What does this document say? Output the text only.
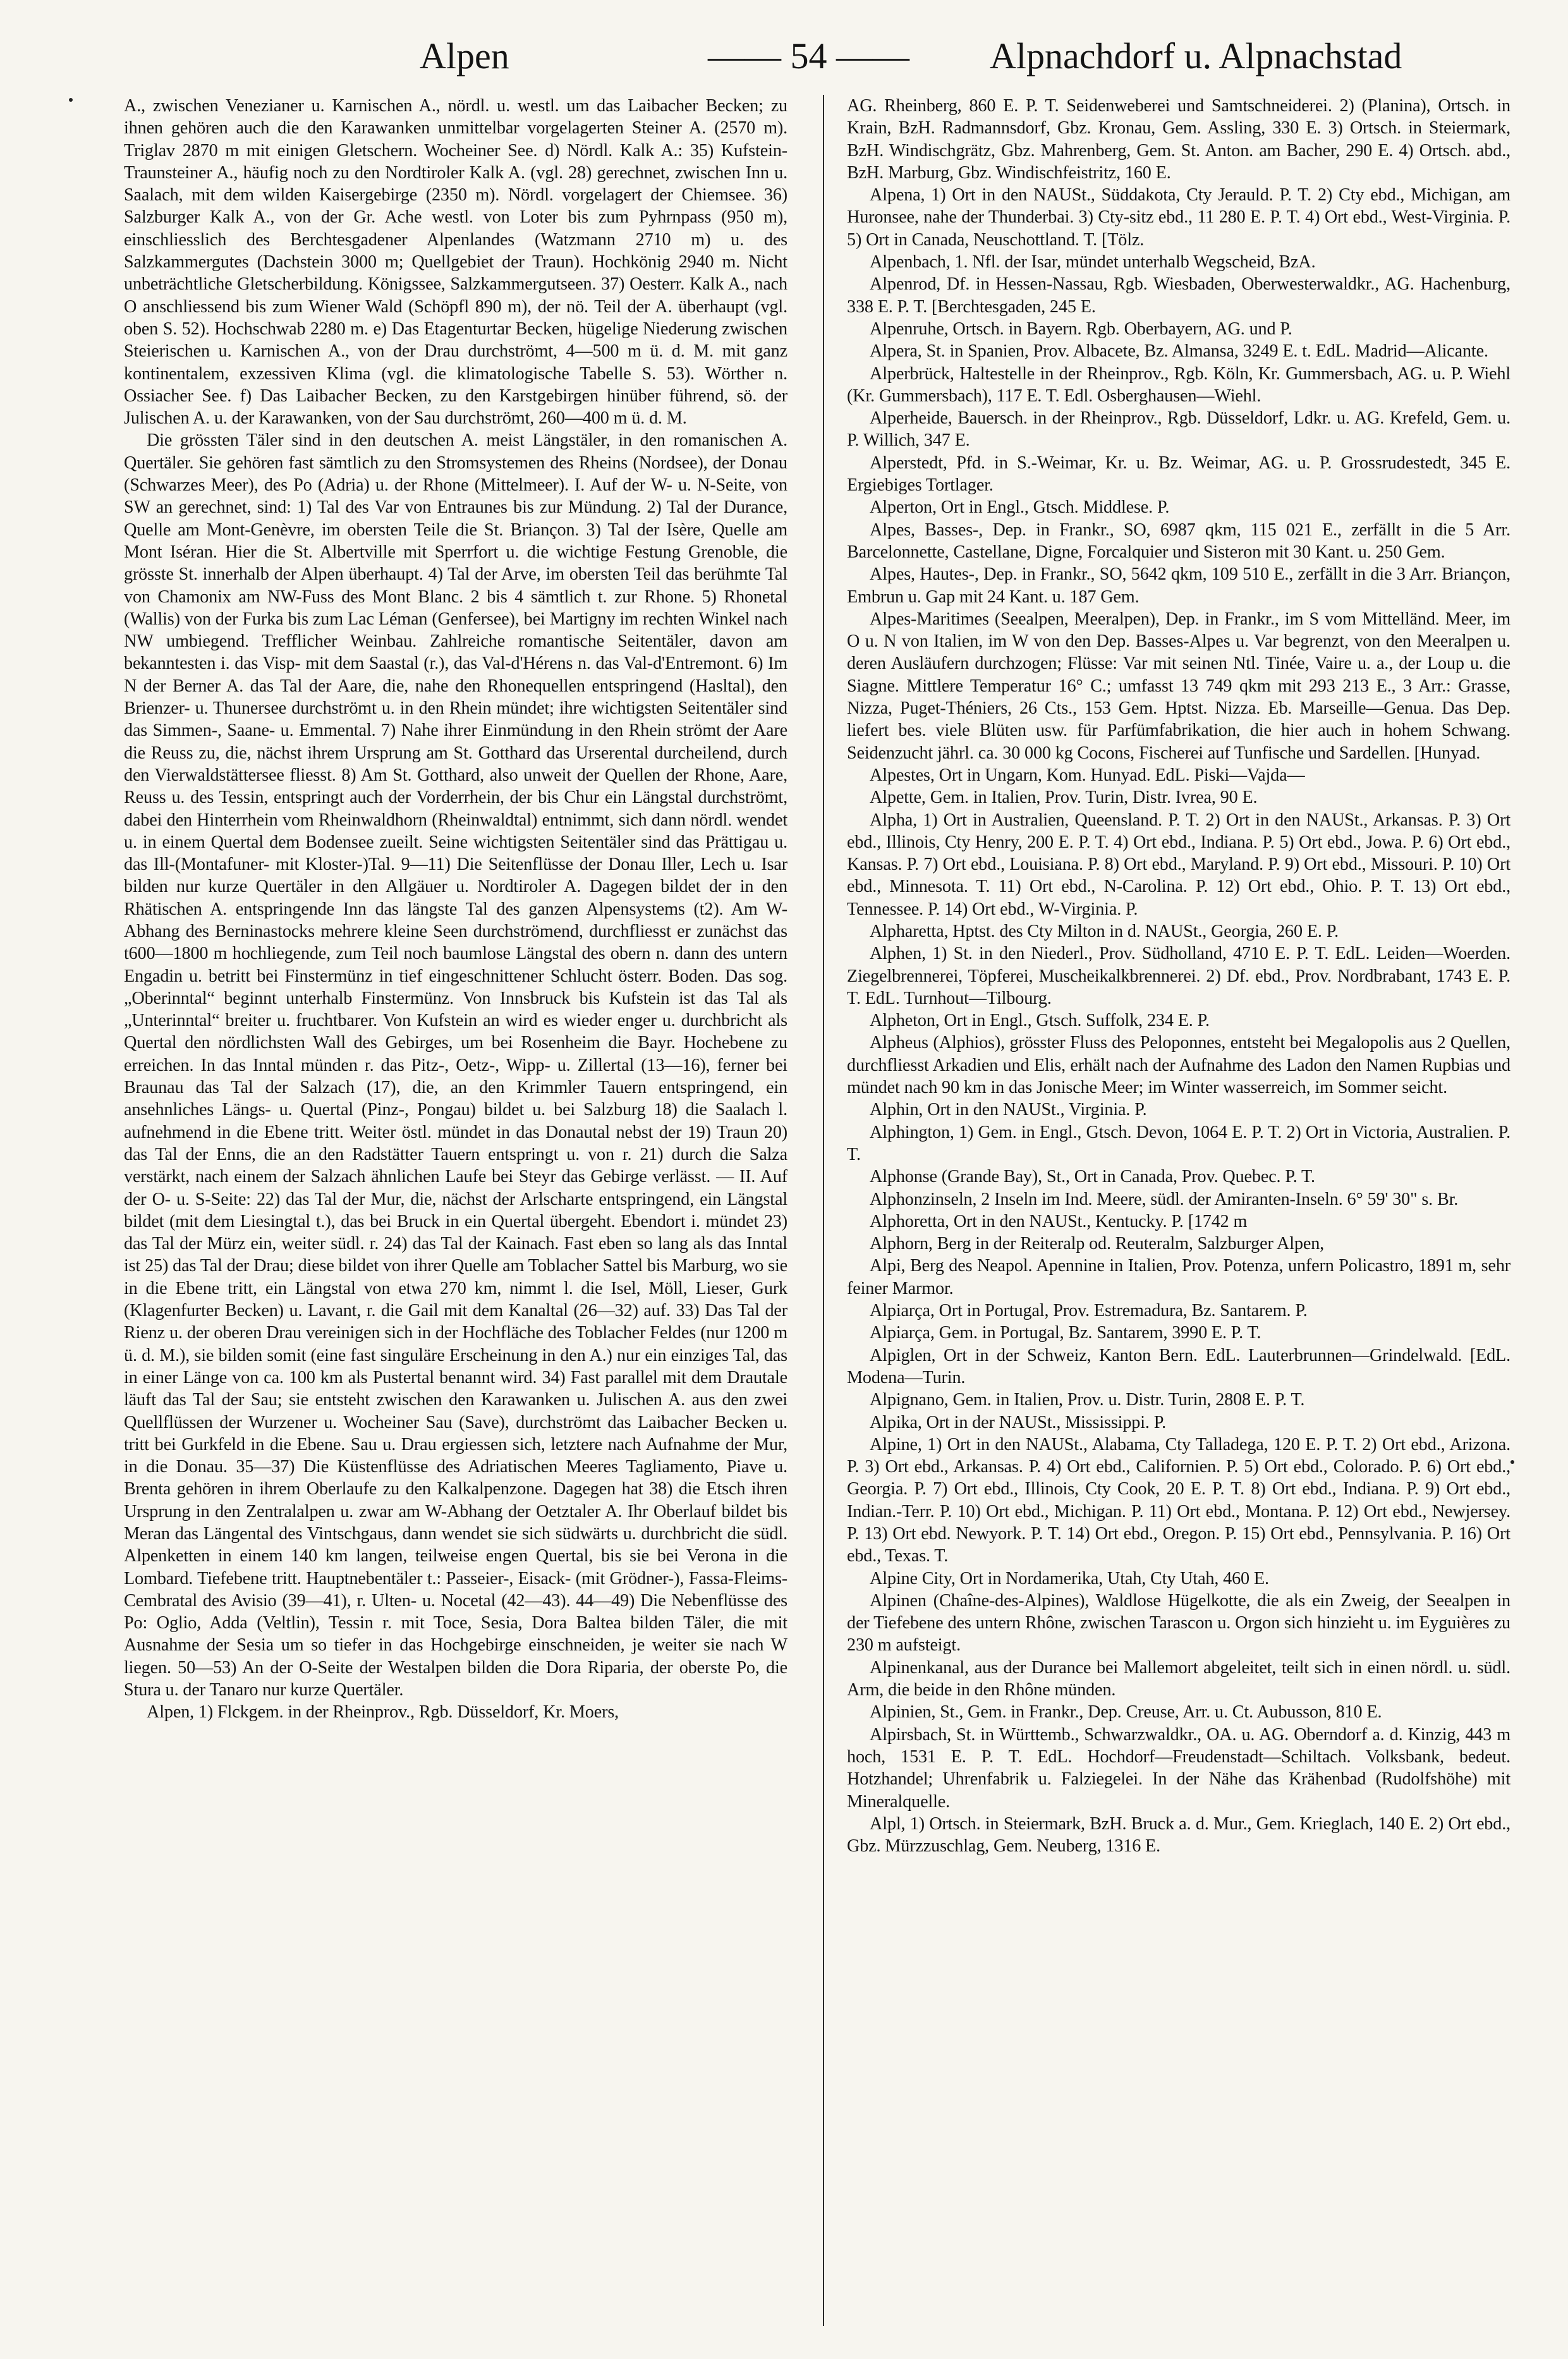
Alpen	—— 54 —— Alpnachdorf u. Alpnachstad

A., zwischen Venezianer u. Karnischen A., nördl. u. westl. um das Laibacher Becken; zu ihnen gehören auch die den Karawanken unmittelbar vorgelagerten Steiner A. (2570 m). Triglav 2870 m mit einigen Gletschern. Wocheiner See. d) Nördl. Kalk A.: 35) Kufstein-Traunsteiner A., häufig noch zu den Nordtiroler Kalk A. (vgl. 28) gerechnet, zwischen Inn u. Saalach, mit dem wilden Kaisergebirge (2350 m). Nördl. vorgelagert der Chiemsee. 36) Salzburger Kalk A., von der Gr. Ache westl. von Loter bis zum Pyhrnpass (950 m), einschliesslich des Berchtesgadener Alpenlandes (Watzmann 2710 m) u. des Salzkammergutes (Dachstein 3000 m; Quellgebiet der Traun). Hochkönig 2940 m. Nicht unbeträchtliche Gletscherbildung. Königssee, Salzkammergutseen. 37) Oesterr. Kalk A., nach O anschliessend bis zum Wiener Wald (Schöpfl 890 m), der nö. Teil der A. überhaupt (vgl. oben S. 52). Hochschwab 2280 m. e) Das Etagenturtar Becken, hügelige Niederung zwischen Steierischen u. Karnischen A., von der Drau durchströmt, 4—500 m ü. d. M. mit ganz kontinentalem, exzessiven Klima (vgl. die klimatologische Tabelle S. 53). Wörther n. Ossiacher See. f) Das Laibacher Becken, zu den Karstgebirgen hinüber führend, sö. der Julischen A. u. der Karawanken, von der Sau durchströmt, 260—400 m ü. d. M.

Die grössten Täler sind in den deutschen A. meist Längstäler, in den romanischen A. Quertäler. Sie gehören fast sämtlich zu den Stromsystemen des Rheins (Nordsee), der Donau (Schwarzes Meer), des Po (Adria) u. der Rhone (Mittelmeer). I. Auf der W- u. N-Seite, von SW an gerechnet, sind: 1) Tal des Var von Entraunes bis zur Mündung. 2) Tal der Durance, Quelle am Mont-Genèvre, im obersten Teile die St. Briançon. 3) Tal der Isère, Quelle am Mont Iséran. Hier die St. Albertville mit Sperrfort u. die wichtige Festung Grenoble, die grösste St. innerhalb der Alpen überhaupt. 4) Tal der Arve, im obersten Teil das berühmte Tal von Chamonix am NW-Fuss des Mont Blanc. 2 bis 4 sämtlich t. zur Rhone. 5) Rhonetal (Wallis) von der Furka bis zum Lac Léman (Genfersee), bei Martigny im rechten Winkel nach NW umbiegend. Trefflicher Weinbau. Zahlreiche romantische Seitentäler, davon am bekanntesten i. das Visp- mit dem Saastal (r.), das Val-d'Hérens n. das Val-d'Entremont. 6) Im N der Berner A. das Tal der Aare, die, nahe den Rhonequellen entspringend (Hasltal), den Brienzer- u. Thunersee durchströmt u. in den Rhein mündet; ihre wichtigsten Seitentäler sind das Simmen-, Saane- u. Emmental. 7) Nahe ihrer Einmündung in den Rhein strömt der Aare die Reuss zu, die, nächst ihrem Ursprung am St. Gotthard das Urserental durcheilend, durch den Vierwaldstättersee fliesst. 8) Am St. Gotthard, also unweit der Quellen der Rhone, Aare, Reuss u. des Tessin, entspringt auch der Vorderrhein, der bis Chur ein Längstal durchströmt, dabei den Hinterrhein vom Rheinwaldhorn (Rheinwaldtal) entnimmt, sich dann nördl. wendet u. in einem Quertal dem Bodensee zueilt. Seine wichtigsten Seitentäler sind das Prättigau u. das Ill-(Montafuner- mit Kloster-)Tal. 9—11) Die Seitenflüsse der Donau Iller, Lech u. Isar bilden nur kurze Quertäler in den Allgäuer u. Nordtiroler A. Dagegen bildet der in den Rhätischen A. entspringende Inn das längste Tal des ganzen Alpensystems (t2). Am W-Abhang des Berninastocks mehrere kleine Seen durchströmend, durchfliesst er zunächst das t600—1800 m hochliegende, zum Teil noch baumlose Längstal des obern n. dann des untern Engadin u. betritt bei Finstermünz in tief eingeschnittener Schlucht österr. Boden. Das sog. „Oberinntal“ beginnt unterhalb Finstermünz. Von Innsbruck bis Kufstein ist das Tal als „Unterinntal“ breiter u. fruchtbarer. Von Kufstein an wird es wieder enger u. durchbricht als Quertal den nördlichsten Wall des Gebirges, um bei Rosenheim die Bayr. Hochebene zu erreichen. In das Inntal münden r. das Pitz-, Oetz-, Wipp- u. Zillertal (13—16), ferner bei Braunau das Tal der Salzach (17), die, an den Krimmler Tauern entspringend, ein ansehnliches Längs- u. Quertal (Pinz-, Pongau) bildet u. bei Salzburg 18) die Saalach l. aufnehmend in die Ebene tritt. Weiter östl. mündet in das Donautal nebst der 19) Traun 20) das Tal der Enns, die an den Radstätter Tauern entspringt u. von r. 21) durch die Salza verstärkt, nach einem der Salzach ähnlichen Laufe bei Steyr das Gebirge verlässt. — II. Auf der O- u. S-Seite: 22) das Tal der Mur, die, nächst der Arlscharte entspringend, ein Längstal bildet (mit dem Liesingtal t.), das bei Bruck in ein Quertal übergeht. Ebendort i. mündet 23) das Tal der Mürz ein, weiter südl. r. 24) das Tal der Kainach. Fast eben so lang als das Inntal ist 25) das Tal der Drau; diese bildet von ihrer Quelle am Toblacher Sattel bis Marburg, wo sie in die Ebene tritt, ein Längstal von etwa 270 km, nimmt l. die Isel, Möll, Lieser, Gurk (Klagenfurter Becken) u. Lavant, r. die Gail mit dem Kanaltal (26—32) auf. 33) Das Tal der Rienz u. der oberen Drau vereinigen sich in der Hochfläche des Toblacher Feldes (nur 1200 m ü. d. M.), sie bilden somit (eine fast singuläre Erscheinung in den A.) nur ein einziges Tal, das in einer Länge von ca. 100 km als Pustertal benannt wird. 34) Fast parallel mit dem Drautale läuft das Tal der Sau; sie entsteht zwischen den Karawanken u. Julischen A. aus den zwei Quellflüssen der Wurzener u. Wocheiner Sau (Save), durchströmt das Laibacher Becken u. tritt bei Gurkfeld in die Ebene. Sau u. Drau ergiessen sich, letztere nach Aufnahme der Mur, in die Donau. 35—37) Die Küstenflüsse des Adriatischen Meeres Tagliamento, Piave u. Brenta gehören in ihrem Oberlaufe zu den Kalkalpenzone. Dagegen hat 38) die Etsch ihren Ursprung in den Zentralalpen u. zwar am W-Abhang der Oetztaler A. Ihr Oberlauf bildet bis Meran das Längental des Vintschgaus, dann wendet sie sich südwärts u. durchbricht die südl. Alpenketten in einem 140 km langen, teilweise engen Quertal, bis sie bei Verona in die Lombard. Tiefebene tritt. Hauptnebentäler t.: Passeier-, Eisack- (mit Grödner-), Fassa-Fleims-Cembratal des Avisio (39—41), r. Ulten- u. Nocetal (42—43). 44—49) Die Nebenflüsse des Po: Oglio, Adda (Veltlin), Tessin r. mit Toce, Sesia, Dora Baltea bilden Täler, die mit Ausnahme der Sesia um so tiefer in das Hochgebirge einschneiden, je weiter sie nach W liegen. 50—53) An der O-Seite der Westalpen bilden die Dora Riparia, der oberste Po, die Stura u. der Tanaro nur kurze Quertäler.

Alpen, 1) Flckgem. in der Rheinprov., Rgb. Düsseldorf, Kr. Moers,

AG. Rheinberg, 860 E. P. T. Seidenweberei und Samtschneiderei. 2) (Planina), Ortsch. in Krain, BzH. Radmannsdorf, Gbz. Kronau, Gem. Assling, 330 E. 3) Ortsch. in Steiermark, BzH. Windischgrätz, Gbz. Mahrenberg, Gem. St. Anton. am Bacher, 290 E. 4) Ortsch. abd., BzH. Marburg, Gbz. Windischfeistritz, 160 E.

Alpena, 1) Ort in den NAUSt., Süddakota, Cty Jerauld. P. T. 2) Cty ebd., Michigan, am Huronsee, nahe der Thunderbai. 3) Cty-sitz ebd., 11 280 E. P. T. 4) Ort ebd., West-Virginia. P. 5) Ort in Canada, Neuschottland. T. [Tölz.

Alpenbach, 1. Nfl. der Isar, mündet unterhalb Wegscheid, BzA.

Alpenrod, Df. in Hessen-Nassau, Rgb. Wiesbaden, Oberwesterwaldkr., AG. Hachenburg, 338 E. P. T. [Berchtesgaden, 245 E.

Alpenruhe, Ortsch. in Bayern. Rgb. Oberbayern, AG. und P.

Alpera, St. in Spanien, Prov. Albacete, Bz. Almansa, 3249 E. t. EdL. Madrid—Alicante.

Alperbrück, Haltestelle in der Rheinprov., Rgb. Köln, Kr. Gummersbach, AG. u. P. Wiehl (Kr. Gummersbach), 117 E. T. Edl. Osberghausen—Wiehl.

Alperheide, Bauersch. in der Rheinprov., Rgb. Düsseldorf, Ldkr. u. AG. Krefeld, Gem. u. P. Willich, 347 E.

Alperstedt, Pfd. in S.-Weimar, Kr. u. Bz. Weimar, AG. u. P. Grossrudestedt, 345 E. Ergiebiges Tortlager.

Alperton, Ort in Engl., Gtsch. Middlese. P.

Alpes, Basses-, Dep. in Frankr., SO, 6987 qkm, 115 021 E., zerfällt in die 5 Arr. Barcelonnette, Castellane, Digne, Forcalquier und Sisteron mit 30 Kant. u. 250 Gem.

Alpes, Hautes-, Dep. in Frankr., SO, 5642 qkm, 109 510 E., zerfällt in die 3 Arr. Briançon, Embrun u. Gap mit 24 Kant. u. 187 Gem.

Alpes-Maritimes (Seealpen, Meeralpen), Dep. in Frankr., im S vom Mittelländ. Meer, im O u. N von Italien, im W von den Dep. Basses-Alpes u. Var begrenzt, von den Meeralpen u. deren Ausläufern durchzogen; Flüsse: Var mit seinen Ntl. Tinée, Vaire u. a., der Loup u. die Siagne. Mittlere Temperatur 16° C.; umfasst 13 749 qkm mit 293 213 E., 3 Arr.: Grasse, Nizza, Puget-Théniers, 26 Cts., 153 Gem. Hptst. Nizza. Eb. Marseille—Genua. Das Dep. liefert bes. viele Blüten usw. für Parfümfabrikation, die hier auch in hohem Schwang. Seidenzucht jährl. ca. 30 000 kg Cocons, Fischerei auf Tunfische und Sardellen. [Hunyad.

Alpestes, Ort in Ungarn, Kom. Hunyad. EdL. Piski—Vajda—

Alpette, Gem. in Italien, Prov. Turin, Distr. Ivrea, 90 E.

Alpha, 1) Ort in Australien, Queensland. P. T. 2) Ort in den NAUSt., Arkansas. P. 3) Ort ebd., Illinois, Cty Henry, 200 E. P. T. 4) Ort ebd., Indiana. P. 5) Ort ebd., Jowa. P. 6) Ort ebd., Kansas. P. 7) Ort ebd., Louisiana. P. 8) Ort ebd., Maryland. P. 9) Ort ebd., Missouri. P. 10) Ort ebd., Minnesota. T. 11) Ort ebd., N-Carolina. P. 12) Ort ebd., Ohio. P. T. 13) Ort ebd., Tennessee. P. 14) Ort ebd., W-Virginia. P.

Alpharetta, Hptst. des Cty Milton in d. NAUSt., Georgia, 260 E. P.

Alphen, 1) St. in den Niederl., Prov. Südholland, 4710 E. P. T. EdL. Leiden—Woerden. Ziegelbrennerei, Töpferei, Muscheikalkbrennerei. 2) Df. ebd., Prov. Nordbrabant, 1743 E. P. T. EdL. Turnhout—Tilbourg.

Alpheton, Ort in Engl., Gtsch. Suffolk, 234 E. P.

Alpheus (Alphios), grösster Fluss des Peloponnes, entsteht bei Megalopolis aus 2 Quellen, durchfliesst Arkadien und Elis, erhält nach der Aufnahme des Ladon den Namen Rupbias und mündet nach 90 km in das Jonische Meer; im Winter wasserreich, im Sommer seicht.

Alphin, Ort in den NAUSt., Virginia. P.

Alphington, 1) Gem. in Engl., Gtsch. Devon, 1064 E. P. T. 2) Ort in Victoria, Australien. P. T.

Alphonse (Grande Bay), St., Ort in Canada, Prov. Quebec. P. T.

Alphonzinseln, 2 Inseln im Ind. Meere, südl. der Amiranten-Inseln. 6° 59' 30" s. Br.

Alphoretta, Ort in den NAUSt., Kentucky. P. [1742 m

Alphorn, Berg in der Reiteralp od. Reuteralm, Salzburger Alpen,

Alpi, Berg des Neapol. Apennine in Italien, Prov. Potenza, unfern Policastro, 1891 m, sehr feiner Marmor.

Alpiarça, Ort in Portugal, Prov. Estremadura, Bz. Santarem. P.

Alpiarça, Gem. in Portugal, Bz. Santarem, 3990 E. P. T.

Alpiglen, Ort in der Schweiz, Kanton Bern. EdL. Lauterbrunnen—Grindelwald. [EdL. Modena—Turin.

Alpignano, Gem. in Italien, Prov. u. Distr. Turin, 2808 E. P. T.

Alpika, Ort in der NAUSt., Mississippi. P.

Alpine, 1) Ort in den NAUSt., Alabama, Cty Talladega, 120 E. P. T. 2) Ort ebd., Arizona. P. 3) Ort ebd., Arkansas. P. 4) Ort ebd., Californien. P. 5) Ort ebd., Colorado. P. 6) Ort ebd., Georgia. P. 7) Ort ebd., Illinois, Cty Cook, 20 E. P. T. 8) Ort ebd., Indiana. P. 9) Ort ebd., Indian.-Terr. P. 10) Ort ebd., Michigan. P. 11) Ort ebd., Montana. P. 12) Ort ebd., Newjersey. P. 13) Ort ebd. Newyork. P. T. 14) Ort ebd., Oregon. P. 15) Ort ebd., Pennsylvania. P. 16) Ort ebd., Texas. T.

Alpine City, Ort in Nordamerika, Utah, Cty Utah, 460 E.

Alpinen (Chaîne-des-Alpines), Waldlose Hügelkotte, die als ein Zweig, der Seealpen in der Tiefebene des untern Rhône, zwischen Tarascon u. Orgon sich hinzieht u. im Eyguières zu 230 m aufsteigt.

Alpinenkanal, aus der Durance bei Mallemort abgeleitet, teilt sich in einen nördl. u. südl. Arm, die beide in den Rhône münden.

Alpinien, St., Gem. in Frankr., Dep. Creuse, Arr. u. Ct. Aubusson, 810 E.

Alpirsbach, St. in Württemb., Schwarzwaldkr., OA. u. AG. Oberndorf a. d. Kinzig, 443 m hoch, 1531 E. P. T. EdL. Hochdorf—Freudenstadt—Schiltach. Volksbank, bedeut. Hotzhandel; Uhrenfabrik u. Falziegelei. In der Nähe das Krähenbad (Rudolfshöhe) mit Mineralquelle.

Alpl, 1) Ortsch. in Steiermark, BzH. Bruck a. d. Mur., Gem. Krieglach, 140 E. 2) Ort ebd., Gbz. Mürzzuschlag, Gem. Neuberg, 1316 E.
